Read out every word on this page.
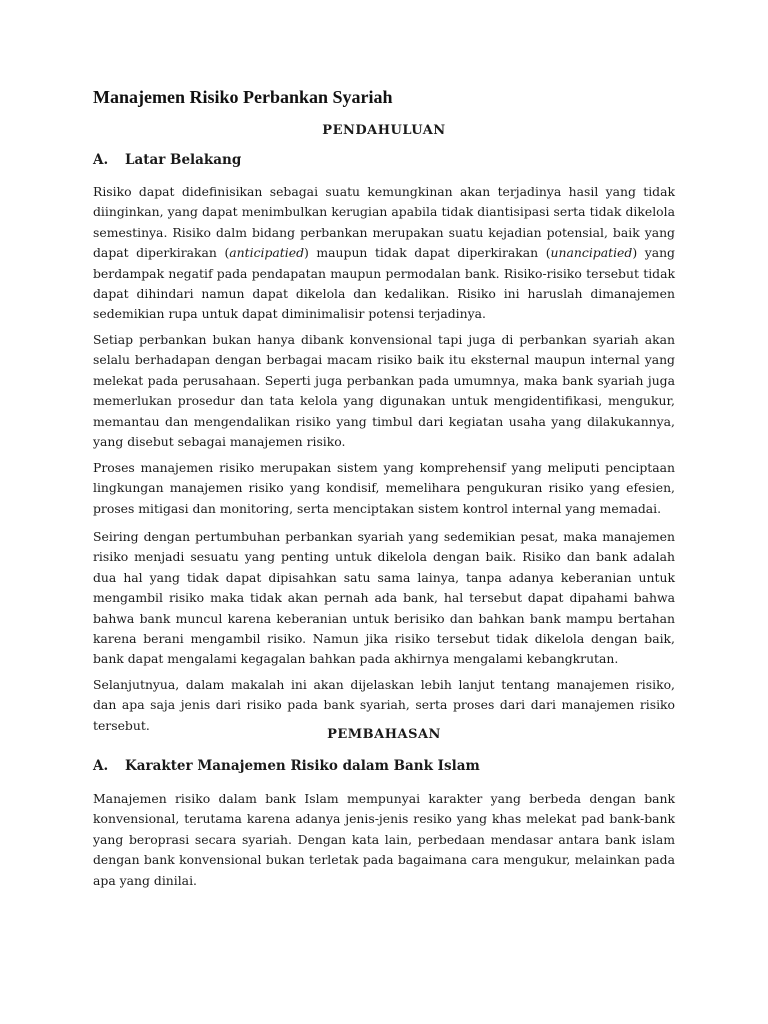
Manajemen Risiko Perbankan Syariah
PENDAHULUAN
A. Latar Belakang

Risiko dapat didefinisikan sebagai suatu kemungkinan akan terjadinya hasil yang tidak diinginkan, yang dapat menimbulkan kerugian apabila tidak diantisipasi serta tidak dikelola semestinya. Risiko dalm bidang perbankan merupakan suatu kejadian potensial, baik yang dapat diperkirakan (anticipatied) maupun tidak dapat diperkirakan (unancipatied) yang berdampak negatif pada pendapatan maupun permodalan bank. Risiko-risiko tersebut tidak dapat dihindari namun dapat dikelola dan kedalikan. Risiko ini haruslah dimanajemen sedemikian rupa untuk dapat diminimalisir potensi terjadinya.

Setiap perbankan bukan hanya dibank konvensional tapi juga di perbankan syariah akan selalu berhadapan dengan berbagai macam risiko baik itu eksternal maupun internal yang melekat pada perusahaan. Seperti juga perbankan pada umumnya, maka bank syariah juga memerlukan prosedur dan tata kelola yang digunakan untuk mengidentifikasi, mengukur, memantau dan mengendalikan risiko yang timbul dari kegiatan usaha yang dilakukannya, yang disebut sebagai manajemen risiko.

Proses manajemen risiko merupakan sistem yang komprehensif yang meliputi penciptaan lingkungan manajemen risiko yang kondisif, memelihara pengukuran risiko yang efesien, proses mitigasi dan monitoring, serta menciptakan sistem kontrol internal yang memadai.

Seiring dengan pertumbuhan perbankan syariah yang sedemikian pesat, maka manajemen risiko menjadi sesuatu yang penting untuk dikelola dengan baik. Risiko dan bank adalah dua hal yang tidak dapat dipisahkan satu sama lainya, tanpa adanya keberanian untuk mengambil risiko maka tidak akan pernah ada bank, hal tersebut dapat dipahami bahwa bahwa bank muncul karena keberanian untuk berisiko dan bahkan bank mampu bertahan karena berani mengambil risiko. Namun jika risiko tersebut tidak dikelola dengan baik, bank dapat mengalami kegagalan bahkan pada akhirnya mengalami kebangkrutan.

Selanjutnyua, dalam makalah ini akan dijelaskan lebih lanjut tentang manajemen risiko, dan apa saja jenis dari risiko pada bank syariah, serta proses dari dari manajemen risiko tersebut.

PEMBAHASAN
A. Karakter Manajemen Risiko dalam Bank Islam

Manajemen risiko dalam bank Islam mempunyai karakter yang berbeda dengan bank konvensional, terutama karena adanya jenis-jenis resiko yang khas melekat pad bank-bank yang beroprasi secara syariah. Dengan kata lain, perbedaan mendasar antara bank islam dengan bank konvensional bukan terletak pada bagaimana cara mengukur, melainkan pada apa yang dinilai.
